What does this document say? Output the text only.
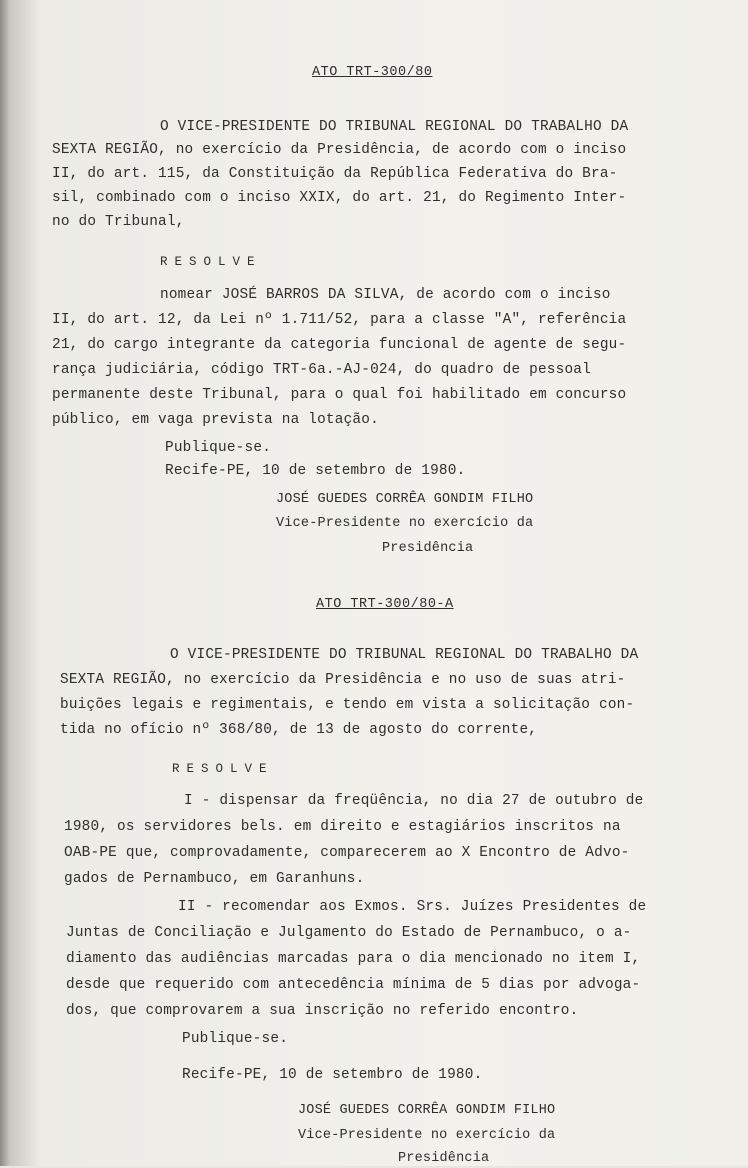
ATO TRT-300/80
O VICE-PRESIDENTE DO TRIBUNAL REGIONAL DO TRABALHO DA
SEXTA REGIÃO, no exercício da Presidência, de acordo com o inciso
II, do art. 115, da Constituição da República Federativa do Bra-
sil, combinado com o inciso XXIX, do art. 21, do Regimento Inter-
no do Tribunal,
RESOLVE
nomear JOSÉ BARROS DA SILVA, de acordo com o inciso
II, do art. 12, da Lei nº 1.711/52, para a classe "A", referência
21, do cargo integrante da categoria funcional de agente de segu-
rança judiciária, código TRT-6a.-AJ-024, do quadro de pessoal
permanente deste Tribunal, para o qual foi habilitado em concurso
público, em vaga prevista na lotação.
Publique-se.
Recife-PE, 10 de setembro de 1980.
JOSÉ GUEDES CORRÊA GONDIM FILHO
Vice-Presidente no exercício da
Presidência
ATO TRT-300/80-A
O VICE-PRESIDENTE DO TRIBUNAL REGIONAL DO TRABALHO DA
SEXTA REGIÃO, no exercício da Presidência e no uso de suas atri-
buições legais e regimentais, e tendo em vista a solicitação con-
tida no ofício nº 368/80, de 13 de agosto do corrente,
RESOLVE
I - dispensar da freqüência, no dia 27 de outubro de
1980, os servidores bels. em direito e estagiários inscritos na
OAB-PE que, comprovadamente, comparecerem ao X Encontro de Advo-
gados de Pernambuco, em Garanhuns.
II - recomendar aos Exmos. Srs. Juízes Presidentes de
Juntas de Conciliação e Julgamento do Estado de Pernambuco, o a-
diamento das audiências marcadas para o dia mencionado no item I,
desde que requerido com antecedência mínima de 5 dias por advoga-
dos, que comprovarem a sua inscrição no referido encontro.
Publique-se.
Recife-PE, 10 de setembro de 1980.
JOSÉ GUEDES CORRÊA GONDIM FILHO
Vice-Presidente no exercício da
Presidência
